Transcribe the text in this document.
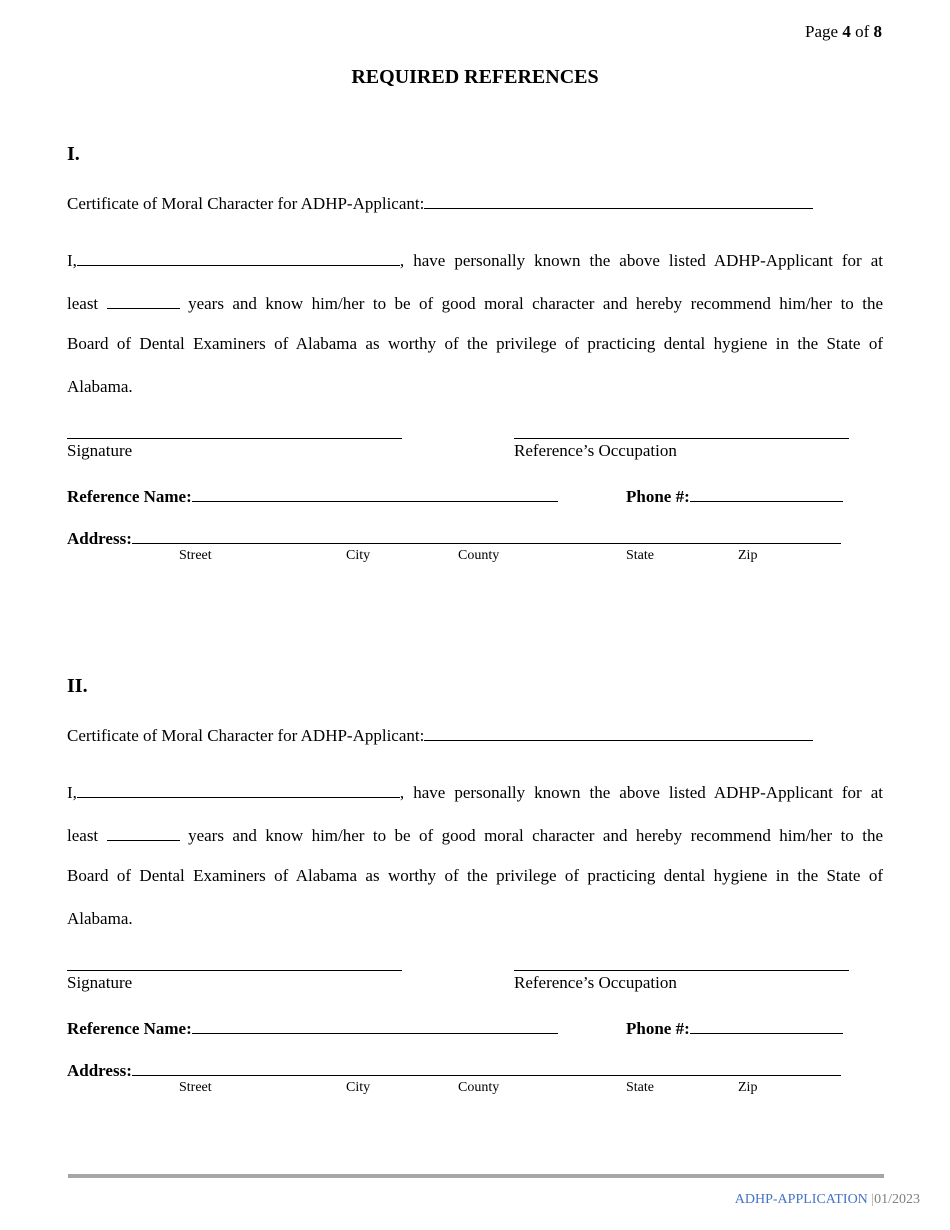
Page 4 of 8
REQUIRED REFERENCES
I.
Certificate of Moral Character for ADHP-Applicant:
I,	, have personally known the above listed ADHP-Applicant for at
least	years and know him/her to be of good moral character and hereby recommend him/her to the
Board of Dental Examiners of Alabama as worthy of the privilege of practicing dental hygiene in the State of
Alabama.
Signature	Reference’s Occupation
Reference Name:	Phone #:
Address:
Street	City	County	State	Zip
II.
Certificate of Moral Character for ADHP-Applicant:
I,	, have personally known the above listed ADHP-Applicant for at
least	years and know him/her to be of good moral character and hereby recommend him/her to the
Board of Dental Examiners of Alabama as worthy of the privilege of practicing dental hygiene in the State of
Alabama.
Signature	Reference’s Occupation
Reference Name:	Phone #:
Address:
Street	City	County	State	Zip
ADHP-APPLICATION |01/2023
